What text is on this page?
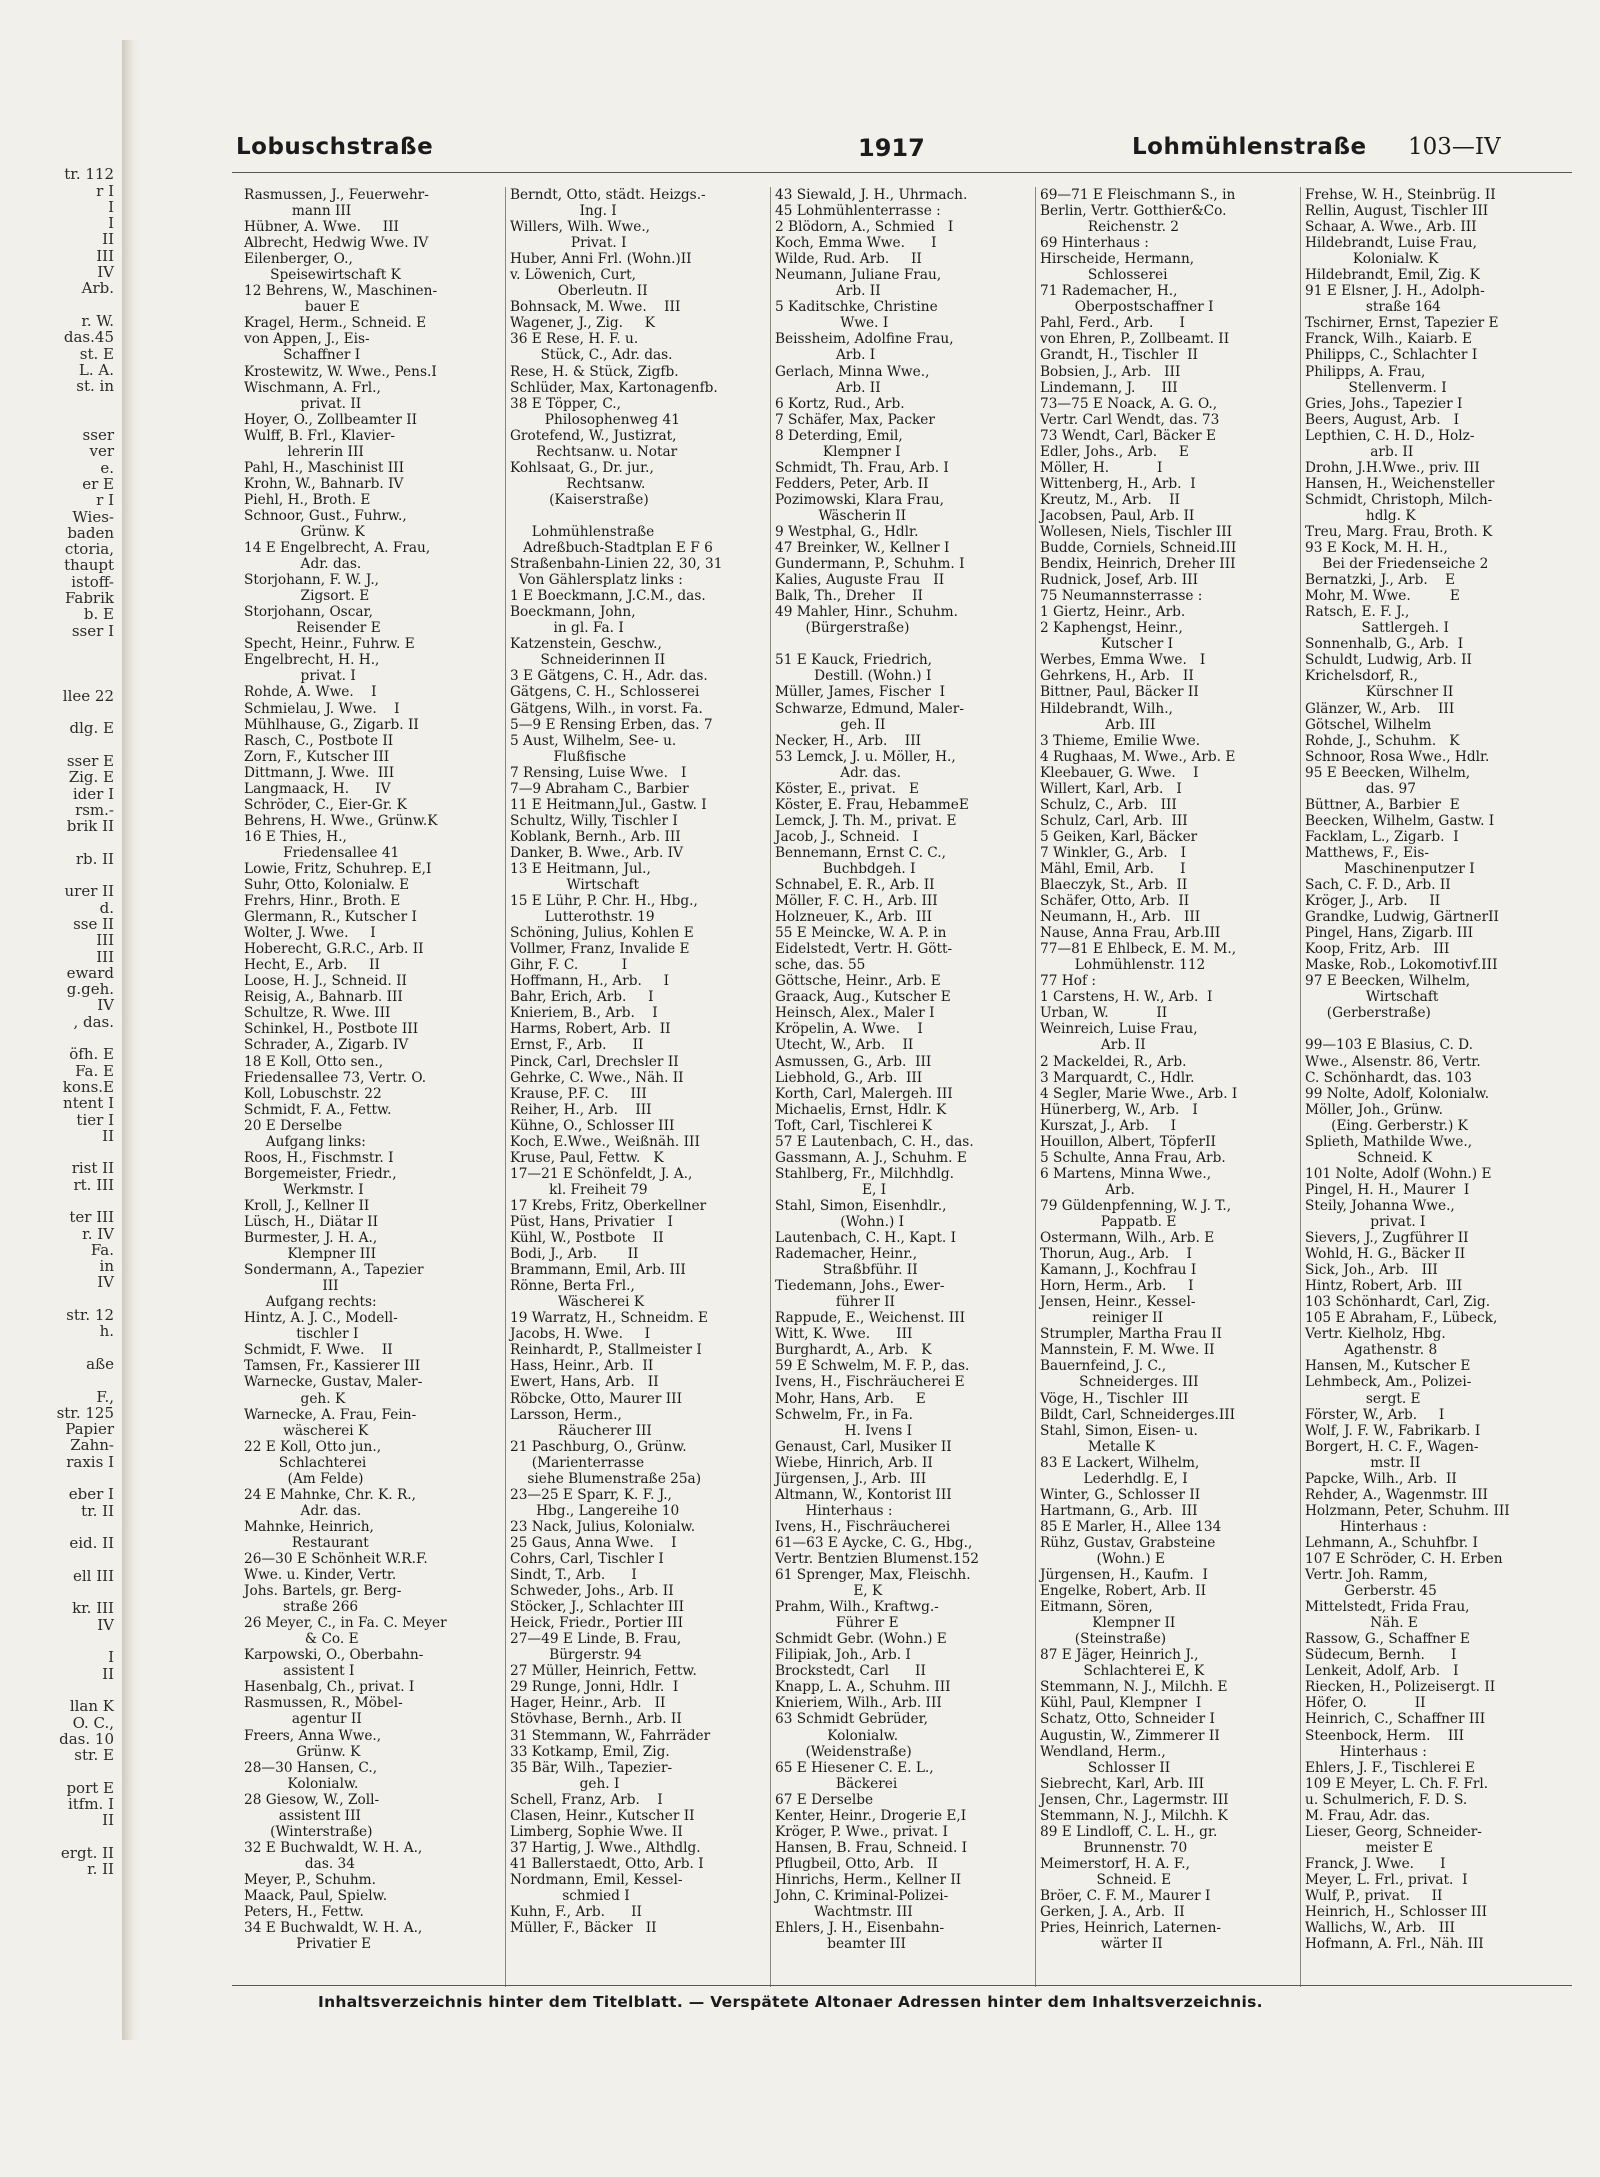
tr. 112
r I
I
I
II
III
IV
Arb.

r. W.
das.45
st. E
L. A.
st. in

sser
ver
e.
er E
r I
Wies-
baden
ctoria,
thaupt
istoff-
Fabrik
b. E
sser I

llee 22

dlg. E

sser E
Zig. E
ider I
rsm.-
brik II

rb. II

urer II
d.
sse II
III
III
eward
g.geh.
IV
, das.

öfh. E
Fa. E
kons.E
ntent I
tier I
II

rist II
rt. III

ter III
r. IV
Fa.
in
IV

str. 12
h.

aße

F.,
str. 125
Papier
Zahn-
raxis I

eber I
tr. II

eid. II

ell III

kr. III
IV

I
II

llan K
O. C.,
das. 10
str. E

port E
itfm. I
II

ergt. II
r. II
Lobuschstraße	1917	Lohmühlenstraße 103—IV
Rasmussen, J., Feuerwehr-
mann III
Hübner, A. Wwe.     III
Albrecht, Hedwig Wwe. IV
Eilenberger, O.,
Speisewirtschaft K
12 Behrens, W., Maschinen-
bauer E
Kragel, Herm., Schneid. E
von Appen, J., Eis-
Schaffner I
Krostewitz, W. Wwe., Pens.I
Wischmann, A. Frl.,
privat. II
Hoyer, O., Zollbeamter II
Wulff, B. Frl., Klavier-
lehrerin III
Pahl, H., Maschinist III
Krohn, W., Bahnarb. IV
Piehl, H., Broth. E
Schnoor, Gust., Fuhrw.,
Grünw. K
14 E Engelbrecht, A. Frau,
Adr. das.
Storjohann, F. W. J.,
Zigsort. E
Storjohann, Oscar,
Reisender E
Specht, Heinr., Fuhrw. E
Engelbrecht, H. H.,
privat. I
Rohde, A. Wwe.    I
Schmielau, J. Wwe.    I
Mühlhause, G., Zigarb. II
Rasch, C., Postbote II
Zorn, F., Kutscher III
Dittmann, J. Wwe.  III
Langmaack, H.      IV
Schröder, C., Eier-Gr. K
Behrens, H. Wwe., Grünw.K
16 E Thies, H.,
Friedensallee 41
Lowie, Fritz, Schuhrep. E,I
Suhr, Otto, Kolonialw. E
Frehrs, Hinr., Broth. E
Glermann, R., Kutscher I
Wolter, J. Wwe.     I
Hoberecht, G.R.C., Arb. II
Hecht, E., Arb.     II
Loose, H. J., Schneid. II
Reisig, A., Bahnarb. III
Schultze, R. Wwe. III
Schinkel, H., Postbote III
Schrader, A., Zigarb. IV
18 E Koll, Otto sen.,
Friedensallee 73, Vertr. O.
Koll, Lobuschstr. 22
Schmidt, F. A., Fettw.
20 E Derselbe
Aufgang links:
Roos, H., Fischmstr. I
Borgemeister, Friedr.,
Werkmstr. I
Kroll, J., Kellner II
Lüsch, H., Diätar II
Burmester, J. H. A.,
Klempner III
Sondermann, A., Tapezier
III
Aufgang rechts:
Hintz, A. J. C., Modell-
tischler I
Schmidt, F. Wwe.    II
Tamsen, Fr., Kassierer III
Warnecke, Gustav, Maler-
geh. K
Warnecke, A. Frau, Fein-
wäscherei K
22 E Koll, Otto jun.,
Schlachterei
(Am Felde)
24 E Mahnke, Chr. K. R.,
Adr. das.
Mahnke, Heinrich,
Restaurant
26—30 E Schönheit W.R.F.
Wwe. u. Kinder, Vertr.
Johs. Bartels, gr. Berg-
straße 266
26 Meyer, C., in Fa. C. Meyer
& Co. E
Karpowski, O., Oberbahn-
assistent I
Hasenbalg, Ch., privat. I
Rasmussen, R., Möbel-
agentur II
Freers, Anna Wwe.,
Grünw. K
28—30 Hansen, C.,
Kolonialw.
28 Giesow, W., Zoll-
assistent III
(Winterstraße)
32 E Buchwaldt, W. H. A.,
das. 34
Meyer, P., Schuhm.
Maack, Paul, Spielw.
Peters, H., Fettw.
34 E Buchwaldt, W. H. A.,
Privatier E
Berndt, Otto, städt. Heizgs.-
Ing. I
Willers, Wilh. Wwe.,
Privat. I
Huber, Anni Frl. (Wohn.)II
v. Löwenich, Curt,
Oberleutn. II
Bohnsack, M. Wwe.    III
Wagener, J., Zig.     K
36 E Rese, H. F. u.
Stück, C., Adr. das.
Rese, H. & Stück, Zigfb.
Schlüder, Max, Kartonagenfb.
38 E Töpper, C.,
Philosophenweg 41
Grotefend, W., Justizrat,
Rechtsanw. u. Notar
Kohlsaat, G., Dr. jur.,
Rechtsanw.
(Kaiserstraße)

Lohmühlenstraße
Adreßbuch-Stadtplan E F 6
Straßenbahn-Linien 22, 30, 31
Von Gählersplatz links :
1 E Boeckmann, J.C.M., das.
Boeckmann, John,
in gl. Fa. I
Katzenstein, Geschw.,
Schneiderinnen II
3 E Gätgens, C. H., Adr. das.
Gätgens, C. H., Schlosserei
Gätgens, Wilh., in vorst. Fa.
5—9 E Rensing Erben, das. 7
5 Aust, Wilhelm, See- u.
Flußfische
7 Rensing, Luise Wwe.   I
7—9 Abraham C., Barbier
11 E Heitmann,Jul., Gastw. I
Schultz, Willy, Tischler I
Koblank, Bernh., Arb. III
Danker, B. Wwe., Arb. IV
13 E Heitmann, Jul.,
Wirtschaft
15 E Lühr, P. Chr. H., Hbg.,
Lutterothstr. 19
Schöning, Julius, Kohlen E
Vollmer, Franz, Invalide E
Gihr, F. C.          I
Hoffmann, H., Arb.     I
Bahr, Erich, Arb.     I
Knieriem, B., Arb.    I
Harms, Robert, Arb.  II
Ernst, F., Arb.      II
Pinck, Carl, Drechsler II
Gehrke, C. Wwe., Näh. II
Krause, P.F. C.     III
Reiher, H., Arb.    III
Kühne, O., Schlosser III
Koch, E.Wwe., Weißnäh. III
Kruse, Paul, Fettw.   K
17—21 E Schönfeldt, J. A.,
kl. Freiheit 79
17 Krebs, Fritz, Oberkellner
Püst, Hans, Privatier   I
Kühl, W., Postbote    II
Bodi, J., Arb.       II
Brammann, Emil, Arb. III
Rönne, Berta Frl.,
Wäscherei K
19 Warratz, H., Schneidm. E
Jacobs, H. Wwe.     I
Reinhardt, P., Stallmeister I
Hass, Heinr., Arb.  II
Ewert, Hans, Arb.   II
Röbcke, Otto, Maurer III
Larsson, Herm.,
Räucherer III
21 Paschburg, O., Grünw.
(Marienterrasse
siehe Blumenstraße 25a)
23—25 E Sparr, K. F. J.,
Hbg., Langereihe 10
23 Nack, Julius, Kolonialw.
25 Gaus, Anna Wwe.    I
Cohrs, Carl, Tischler I
Sindt, T., Arb.      I
Schweder, Johs., Arb. II
Stöcker, J., Schlachter III
Heick, Friedr., Portier III
27—49 E Linde, B. Frau,
Bürgerstr. 94
27 Müller, Heinrich, Fettw.
29 Runge, Jonni, Hdlr.  I
Hager, Heinr., Arb.   II
Stövhase, Bernh., Arb. II
31 Stemmann, W., Fahrräder
33 Kotkamp, Emil, Zig.
35 Bär, Wilh., Tapezier-
geh. I
Schell, Franz, Arb.    I
Clasen, Heinr., Kutscher II
Limberg, Sophie Wwe. II
37 Hartig, J. Wwe., Althdlg.
41 Ballerstaedt, Otto, Arb. I
Nordmann, Emil, Kessel-
schmied I
Kuhn, F., Arb.      II
Müller, F., Bäcker   II
43 Siewald, J. H., Uhrmach.
45 Lohmühlenterrasse :
2 Blödorn, A., Schmied   I
Koch, Emma Wwe.      I
Wilde, Rud. Arb.     II
Neumann, Juliane Frau,
Arb. II
5 Kaditschke, Christine
Wwe. I
Beissheim, Adolfine Frau,
Arb. I
Gerlach, Minna Wwe.,
Arb. II
6 Kortz, Rud., Arb.
7 Schäfer, Max, Packer
8 Deterding, Emil,
Klempner I
Schmidt, Th. Frau, Arb. I
Fedders, Peter, Arb. II
Pozimowski, Klara Frau,
Wäscherin II
9 Westphal, G., Hdlr.
47 Breinker, W., Kellner I
Gundermann, P., Schuhm. I
Kalies, Auguste Frau   II
Balk, Th., Dreher    II
49 Mahler, Hinr., Schuhm.
(Bürgerstraße)

51 E Kauck, Friedrich,
Destill. (Wohn.) I
Müller, James, Fischer  I
Schwarze, Edmund, Maler-
geh. II
Necker, H., Arb.    III
53 Lemck, J. u. Möller, H.,
Adr. das.
Köster, E., privat.   E
Köster, E. Frau, HebammeE
Lemck, J. Th. M., privat. E
Jacob, J., Schneid.   I
Bennemann, Ernst C. C.,
Buchbdgeh. I
Schnabel, E. R., Arb. II
Möller, F. C. H., Arb. III
Holzneuer, K., Arb.  III
55 E Meincke, W. A. P. in
Eidelstedt, Vertr. H. Gött-
sche, das. 55
Göttsche, Heinr., Arb. E
Graack, Aug., Kutscher E
Heinsch, Alex., Maler I
Kröpelin, A. Wwe.    I
Utecht, W., Arb.    II
Asmussen, G., Arb.  III
Liebhold, G., Arb.  III
Korth, Carl, Malergeh. III
Michaelis, Ernst, Hdlr. K
Toft, Carl, Tischlerei K
57 E Lautenbach, C. H., das.
Gassmann, A. J., Schuhm. E
Stahlberg, Fr., Milchhdlg.
E, I
Stahl, Simon, Eisenhdlr.,
(Wohn.) I
Lautenbach, C. H., Kapt. I
Rademacher, Heinr.,
Straßbführ. II
Tiedemann, Johs., Ewer-
führer II
Rappude, E., Weichenst. III
Witt, K. Wwe.      III
Burghardt, A., Arb.   K
59 E Schwelm, M. F. P., das.
Ivens, H., Fischräucherei E
Mohr, Hans, Arb.     E
Schwelm, Fr., in Fa.
H. Ivens I
Genaust, Carl, Musiker II
Wiebe, Hinrich, Arb. II
Jürgensen, J., Arb.  III
Altmann, W., Kontorist III
Hinterhaus :
Ivens, H., Fischräucherei
61—63 E Aycke, C. G., Hbg.,
Vertr. Bentzien Blumenst.152
61 Sprenger, Max, Fleischh.
E, K
Prahm, Wilh., Kraftwg.-
Führer E
Schmidt Gebr. (Wohn.) E
Filipiak, Joh., Arb. I
Brockstedt, Carl      II
Knapp, L. A., Schuhm. III
Knieriem, Wilh., Arb. III
63 Schmidt Gebrüder,
Kolonialw.
(Weidenstraße)
65 E Hiesener C. E. L.,
Bäckerei
67 E Derselbe
Kenter, Heinr., Drogerie E,I
Kröger, P. Wwe., privat. I
Hansen, B. Frau, Schneid. I
Pflugbeil, Otto, Arb.   II
Hinrichs, Herm., Kellner II
John, C. Kriminal-Polizei-
Wachtmstr. III
Ehlers, J. H., Eisenbahn-
beamter III
69—71 E Fleischmann S., in
Berlin, Vertr. Gotthier&Co.
Reichenstr. 2
69 Hinterhaus :
Hirscheide, Hermann,
Schlosserei
71 Rademacher, H.,
Oberpostschaffner I
Pahl, Ferd., Arb.      I
von Ehren, P., Zollbeamt. II
Grandt, H., Tischler  II
Bobsien, J., Arb.   III
Lindemann, J.      III
73—75 E Noack, A. G. O.,
Vertr. Carl Wendt, das. 73
73 Wendt, Carl, Bäcker E
Edler, Johs., Arb.     E
Möller, H.           I
Wittenberg, H., Arb.  I
Kreutz, M., Arb.    II
Jacobsen, Paul, Arb. II
Wollesen, Niels, Tischler III
Budde, Corniels, Schneid.III
Bendix, Heinrich, Dreher III
Rudnick, Josef, Arb. III
75 Neumannsterrasse :
1 Giertz, Heinr., Arb.
2 Kaphengst, Heinr.,
Kutscher I
Werbes, Emma Wwe.   I
Gehrkens, H., Arb.   II
Bittner, Paul, Bäcker II
Hildebrandt, Wilh.,
Arb. III
3 Thieme, Emilie Wwe.
4 Rughaas, M. Wwe., Arb. E
Kleebauer, G. Wwe.    I
Willert, Karl, Arb.   I
Schulz, C., Arb.   III
Schulz, Carl, Arb.  III
5 Geiken, Karl, Bäcker
7 Winkler, G., Arb.   I
Mähl, Emil, Arb.      I
Blaeczyk, St., Arb.  II
Schäfer, Otto, Arb.  II
Neumann, H., Arb.   III
Nause, Anna Frau, Arb.III
77—81 E Ehlbeck, E. M. M.,
Lohmühlenstr. 112
77 Hof :
1 Carstens, H. W., Arb.  I
Urban, W.           II
Weinreich, Luise Frau,
Arb. II
2 Mackeldei, R., Arb.
3 Marquardt, C., Hdlr.
4 Segler, Marie Wwe., Arb. I
Hünerberg, W., Arb.   I
Kurszat, J., Arb.     I
Houillon, Albert, TöpferII
5 Schulte, Anna Frau, Arb.
6 Martens, Minna Wwe.,
Arb.
79 Güldenpfenning, W. J. T.,
Pappatb. E
Ostermann, Wilh., Arb. E
Thorun, Aug., Arb.    I
Kamann, J., Kochfrau I
Horn, Herm., Arb.     I
Jensen, Heinr., Kessel-
reiniger II
Strumpler, Martha Frau II
Mannstein, F. M. Wwe. II
Bauernfeind, J. C.,
Schneiderges. III
Vöge, H., Tischler  III
Bildt, Carl, Schneiderges.III
Stahl, Simon, Eisen- u.
Metalle K
83 E Lackert, Wilhelm,
Lederhdlg. E, I
Winter, G., Schlosser II
Hartmann, G., Arb.  III
85 E Marler, H., Allee 134
Rühz, Gustav, Grabsteine
(Wohn.) E
Jürgensen, H., Kaufm.  I
Engelke, Robert, Arb. II
Eitmann, Sören,
Klempner II
(Steinstraße)
87 E Jäger, Heinrich J.,
Schlachterei E, K
Stemmann, N. J., Milchh. E
Kühl, Paul, Klempner  I
Schatz, Otto, Schneider I
Augustin, W., Zimmerer II
Wendland, Herm.,
Schlosser II
Siebrecht, Karl, Arb. III
Jensen, Chr., Lagermstr. III
Stemmann, N. J., Milchh. K
89 E Lindloff, C. L. H., gr.
Brunnenstr. 70
Meimerstorf, H. A. F.,
Schneid. E
Bröer, C. F. M., Maurer I
Gerken, J. A., Arb.  II
Pries, Heinrich, Laternen-
wärter II
Frehse, W. H., Steinbrüg. II
Rellin, August, Tischler III
Schaar, A. Wwe., Arb. III
Hildebrandt, Luise Frau,
Kolonialw. K
Hildebrandt, Emil, Zig. K
91 E Elsner, J. H., Adolph-
straße 164
Tschirner, Ernst, Tapezier E
Franck, Wilh., Kaiarb. E
Philipps, C., Schlachter I
Philipps, A. Frau,
Stellenverm. I
Gries, Johs., Tapezier I
Beers, August, Arb.   I
Lepthien, C. H. D., Holz-
arb. II
Drohn, J.H.Wwe., priv. III
Hansen, H., Weichensteller
Schmidt, Christoph, Milch-
hdlg. K
Treu, Marg. Frau, Broth. K
93 E Kock, M. H. H.,
Bei der Friedenseiche 2
Bernatzki, J., Arb.    E
Mohr, M. Wwe.         E
Ratsch, E. F. J.,
Sattlergeh. I
Sonnenhalb, G., Arb.  I
Schuldt, Ludwig, Arb. II
Krichelsdorf, R.,
Kürschner II
Glänzer, W., Arb.    III
Götschel, Wilhelm
Rohde, J., Schuhm.   K
Schnoor, Rosa Wwe., Hdlr.
95 E Beecken, Wilhelm,
das. 97
Büttner, A., Barbier  E
Beecken, Wilhelm, Gastw. I
Facklam, L., Zigarb.  I
Matthews, F., Eis-
Maschinenputzer I
Sach, C. F. D., Arb. II
Kröger, J., Arb.     II
Grandke, Ludwig, GärtnerII
Pingel, Hans, Zigarb. III
Koop, Fritz, Arb.   III
Maske, Rob., Lokomotivf.III
97 E Beecken, Wilhelm,
Wirtschaft
(Gerberstraße)

99—103 E Blasius, C. D.
Wwe., Alsenstr. 86, Vertr.
C. Schönhardt, das. 103
99 Nolte, Adolf, Kolonialw.
Möller, Joh., Grünw.
(Eing. Gerberstr.) K
Splieth, Mathilde Wwe.,
Schneid. K
101 Nolte, Adolf (Wohn.) E
Pingel, H. H., Maurer  I
Steily, Johanna Wwe.,
privat. I
Sievers, J., Zugführer II
Wohld, H. G., Bäcker II
Sick, Joh., Arb.   III
Hintz, Robert, Arb.  III
103 Schönhardt, Carl, Zig.
105 E Abraham, F., Lübeck,
Vertr. Kielholz, Hbg.
Agathenstr. 8
Hansen, M., Kutscher E
Lehmbeck, Am., Polizei-
sergt. E
Förster, W., Arb.     I
Wolf, J. F. W., Fabrikarb. I
Borgert, H. C. F., Wagen-
mstr. II
Papcke, Wilh., Arb.  II
Rehder, A., Wagenmstr. III
Holzmann, Peter, Schuhm. III
Hinterhaus :
Lehmann, A., Schuhfbr. I
107 E Schröder, C. H. Erben
Vertr. Joh. Ramm,
Gerberstr. 45
Mittelstedt, Frida Frau,
Näh. E
Rassow, G., Schaffner E
Südecum, Bernh.      I
Lenkeit, Adolf, Arb.   I
Riecken, H., Polizeisergt. II
Höfer, O.           II
Heinrich, C., Schaffner III
Steenbock, Herm.    III
Hinterhaus :
Ehlers, J. F., Tischlerei E
109 E Meyer, L. Ch. F. Frl.
u. Schulmerich, F. D. S.
M. Frau, Adr. das.
Lieser, Georg, Schneider-
meister E
Franck, J. Wwe.      I
Meyer, L. Frl., privat.  I
Wulf, P., privat.     II
Heinrich, H., Schlosser III
Wallichs, W., Arb.   III
Hofmann, A. Frl., Näh. III
Inhaltsverzeichnis hinter dem Titelblatt. — Verspätete Altonaer Adressen hinter dem Inhaltsverzeichnis.
